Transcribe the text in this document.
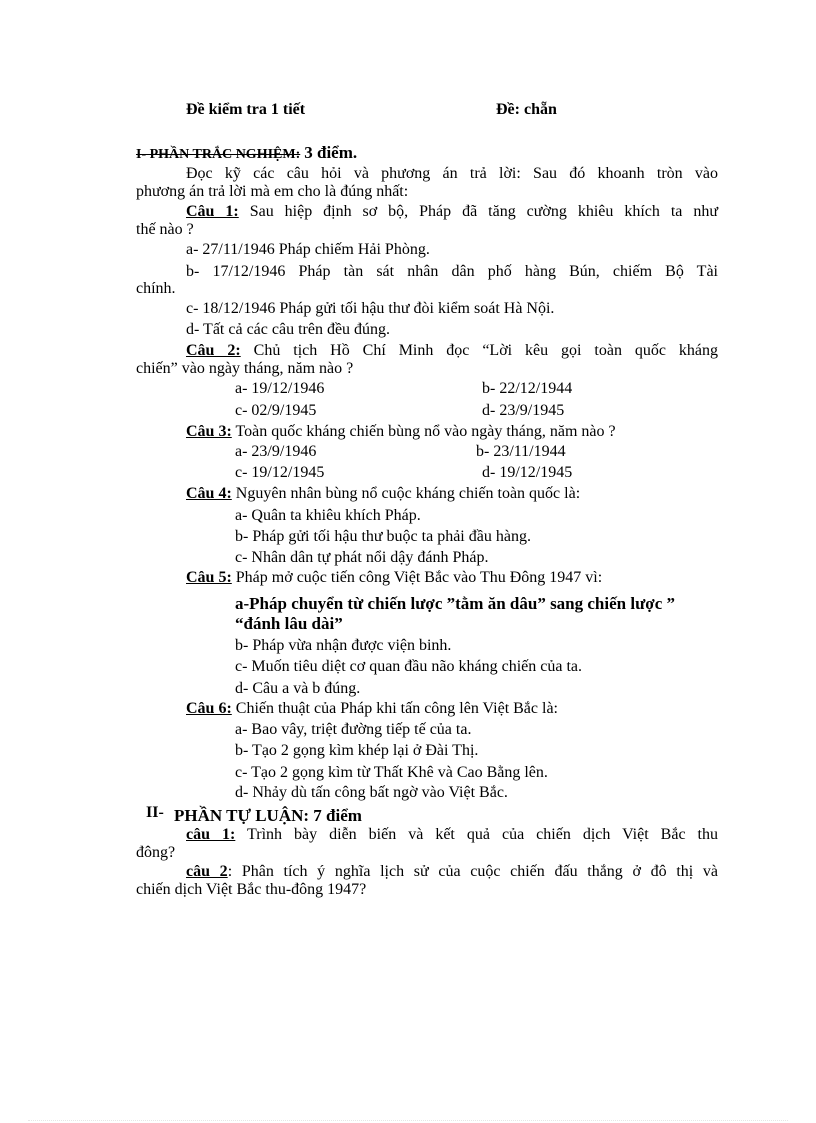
Đề kiểm tra 1 tiết	Đề: chẵn
I- PHẦN TRẮC NGHIỆM: 3 điểm.
Đọc kỹ các câu hỏi và phương án trả lời: Sau đó khoanh tròn vào
phương án trả lời mà em cho là đúng nhất:
Câu 1: Sau hiệp định sơ bộ, Pháp đã tăng cường khiêu khích ta như
thế nào ?
a- 27/11/1946 Pháp chiếm Hải Phòng.
b- 17/12/1946 Pháp tàn sát nhân dân phố hàng Bún, chiếm Bộ Tài
chính.
c- 18/12/1946 Pháp gửi tối hậu thư đòi kiểm soát Hà Nội.
d- Tất cả các câu trên đều đúng.
Câu 2: Chủ tịch Hồ Chí Minh đọc “Lời kêu gọi toàn quốc kháng
chiến” vào ngày tháng, năm nào ?
a- 19/12/1946	b- 22/12/1944
c- 02/9/1945	d- 23/9/1945
Câu 3: Toàn quốc kháng chiến bùng nổ vào ngày tháng, năm nào ?
a- 23/9/1946	b- 23/11/1944
c- 19/12/1945	d- 19/12/1945
Câu 4: Nguyên nhân bùng nổ cuộc kháng chiến toàn quốc là:
a- Quân ta khiêu khích Pháp.
b- Pháp gửi tối hậu thư buộc ta phải đầu hàng.
c- Nhân dân tự phát nổi dậy đánh Pháp.
Câu 5: Pháp mở cuộc tiến công Việt Bắc vào Thu Đông 1947 vì:
a-Pháp chuyển từ chiến lược ”tằm ăn dâu” sang chiến lược ”
“đánh lâu dài”
b- Pháp vừa nhận được viện binh.
c- Muốn tiêu diệt cơ quan đầu não kháng chiến của ta.
d- Câu a và b đúng.
Câu 6: Chiến thuật của Pháp khi tấn công lên Việt Bắc là:
a- Bao vây, triệt đường tiếp tế của ta.
b- Tạo 2 gọng kìm khép lại ở Đài Thị.
c- Tạo 2 gọng kìm từ Thất Khê và Cao Bằng lên.
d- Nhảy dù tấn công bất ngờ vào Việt Bắc.
II- PHẦN TỰ LUẬN: 7 điểm
câu 1: Trình bày diễn biến và kết quả của chiến dịch Việt Bắc thu
đông?
câu 2: Phân tích ý nghĩa lịch sử của cuộc chiến đấu thắng ở đô thị và
chiến dịch Việt Bắc thu-đông 1947?
